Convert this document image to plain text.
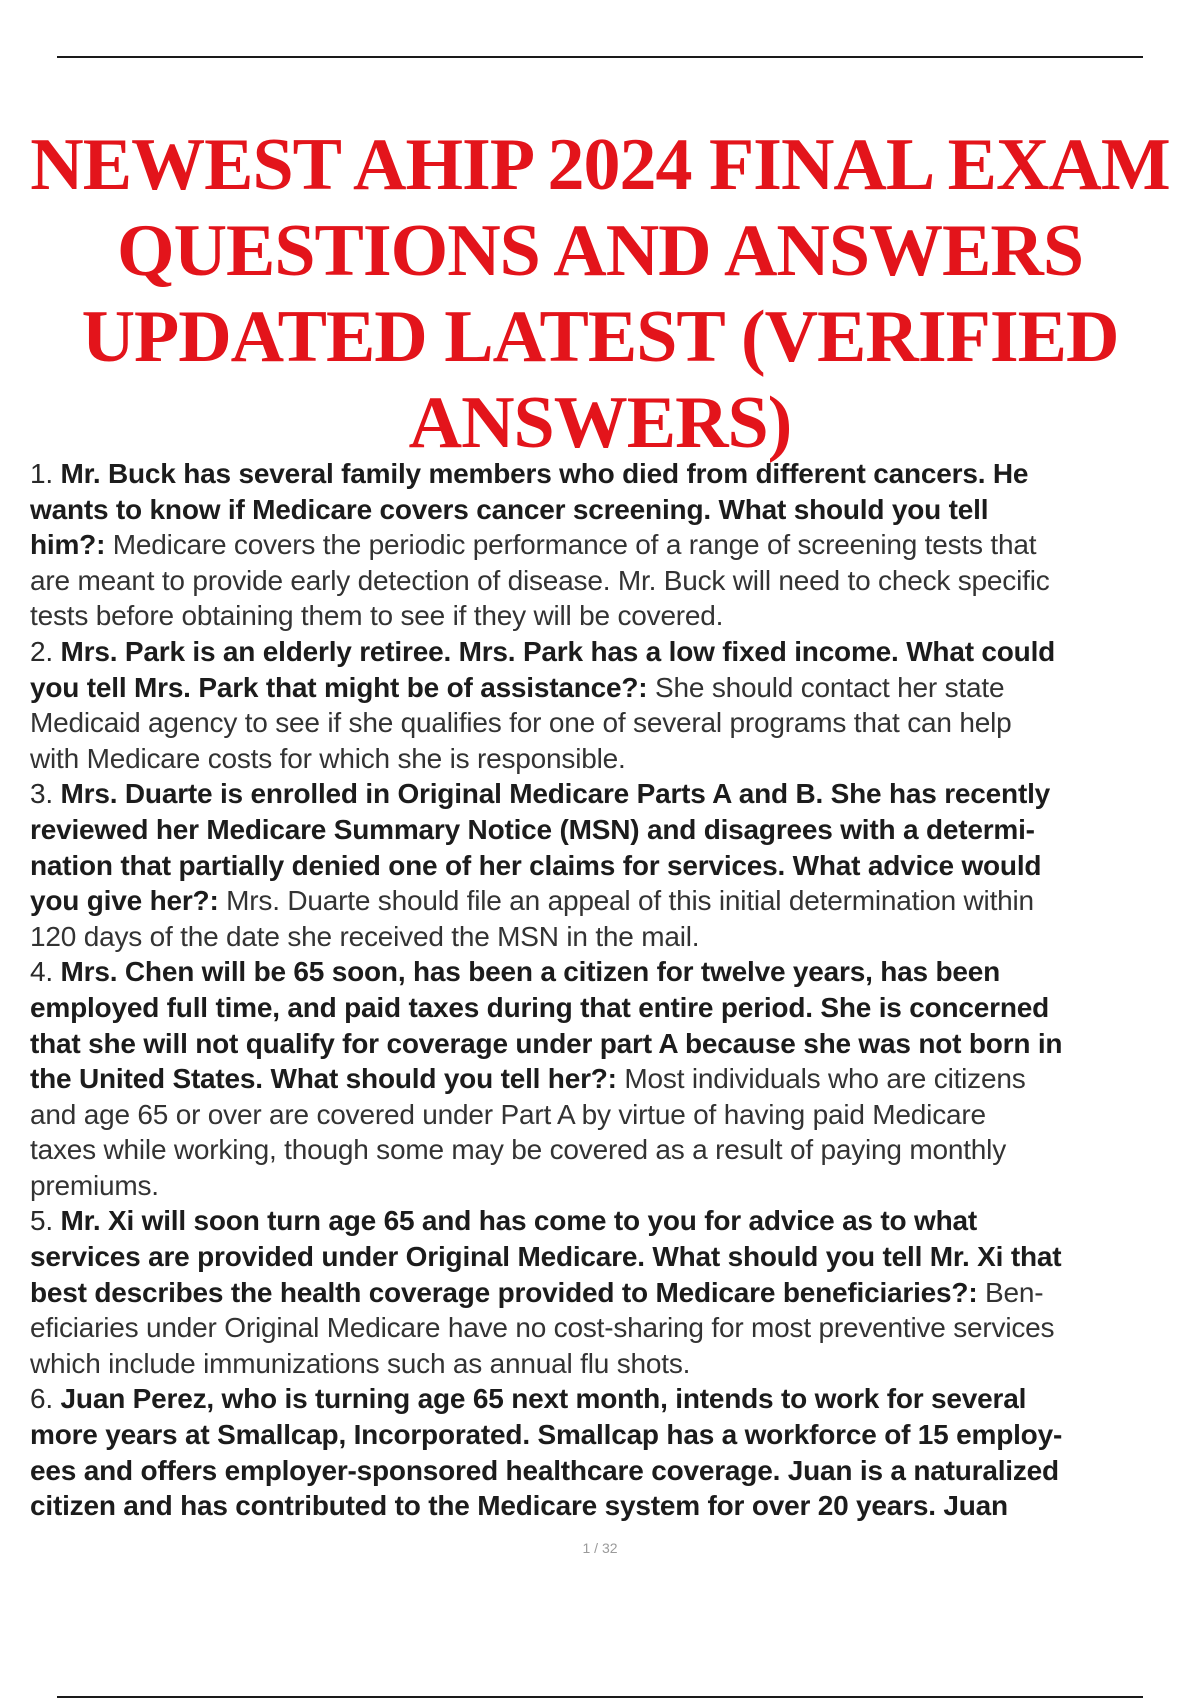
NEWEST AHIP 2024 FINAL EXAM
QUESTIONS AND ANSWERS
UPDATED LATEST (VERIFIED
ANSWERS)
1. Mr. Buck has several family members who died from different cancers. He
wants to know if Medicare covers cancer screening. What should you tell
him?: Medicare covers the periodic performance of a range of screening tests that
are meant to provide early detection of disease. Mr. Buck will need to check specific
tests before obtaining them to see if they will be covered.
2. Mrs. Park is an elderly retiree. Mrs. Park has a low fixed income. What could
you tell Mrs. Park that might be of assistance?: She should contact her state
Medicaid agency to see if she qualifies for one of several programs that can help
with Medicare costs for which she is responsible.
3. Mrs. Duarte is enrolled in Original Medicare Parts A and B. She has recently
reviewed her Medicare Summary Notice (MSN) and disagrees with a determi-
nation that partially denied one of her claims for services. What advice would
you give her?: Mrs. Duarte should file an appeal of this initial determination within
120 days of the date she received the MSN in the mail.
4. Mrs. Chen will be 65 soon, has been a citizen for twelve years, has been
employed full time, and paid taxes during that entire period. She is concerned
that she will not qualify for coverage under part A because she was not born in
the United States. What should you tell her?: Most individuals who are citizens
and age 65 or over are covered under Part A by virtue of having paid Medicare
taxes while working, though some may be covered as a result of paying monthly
premiums.
5. Mr. Xi will soon turn age 65 and has come to you for advice as to what
services are provided under Original Medicare. What should you tell Mr. Xi that
best describes the health coverage provided to Medicare beneficiaries?: Ben-
eficiaries under Original Medicare have no cost-sharing for most preventive services
which include immunizations such as annual flu shots.
6. Juan Perez, who is turning age 65 next month, intends to work for several
more years at Smallcap, Incorporated. Smallcap has a workforce of 15 employ-
ees and offers employer-sponsored healthcare coverage. Juan is a naturalized
citizen and has contributed to the Medicare system for over 20 years. Juan
1 / 32
